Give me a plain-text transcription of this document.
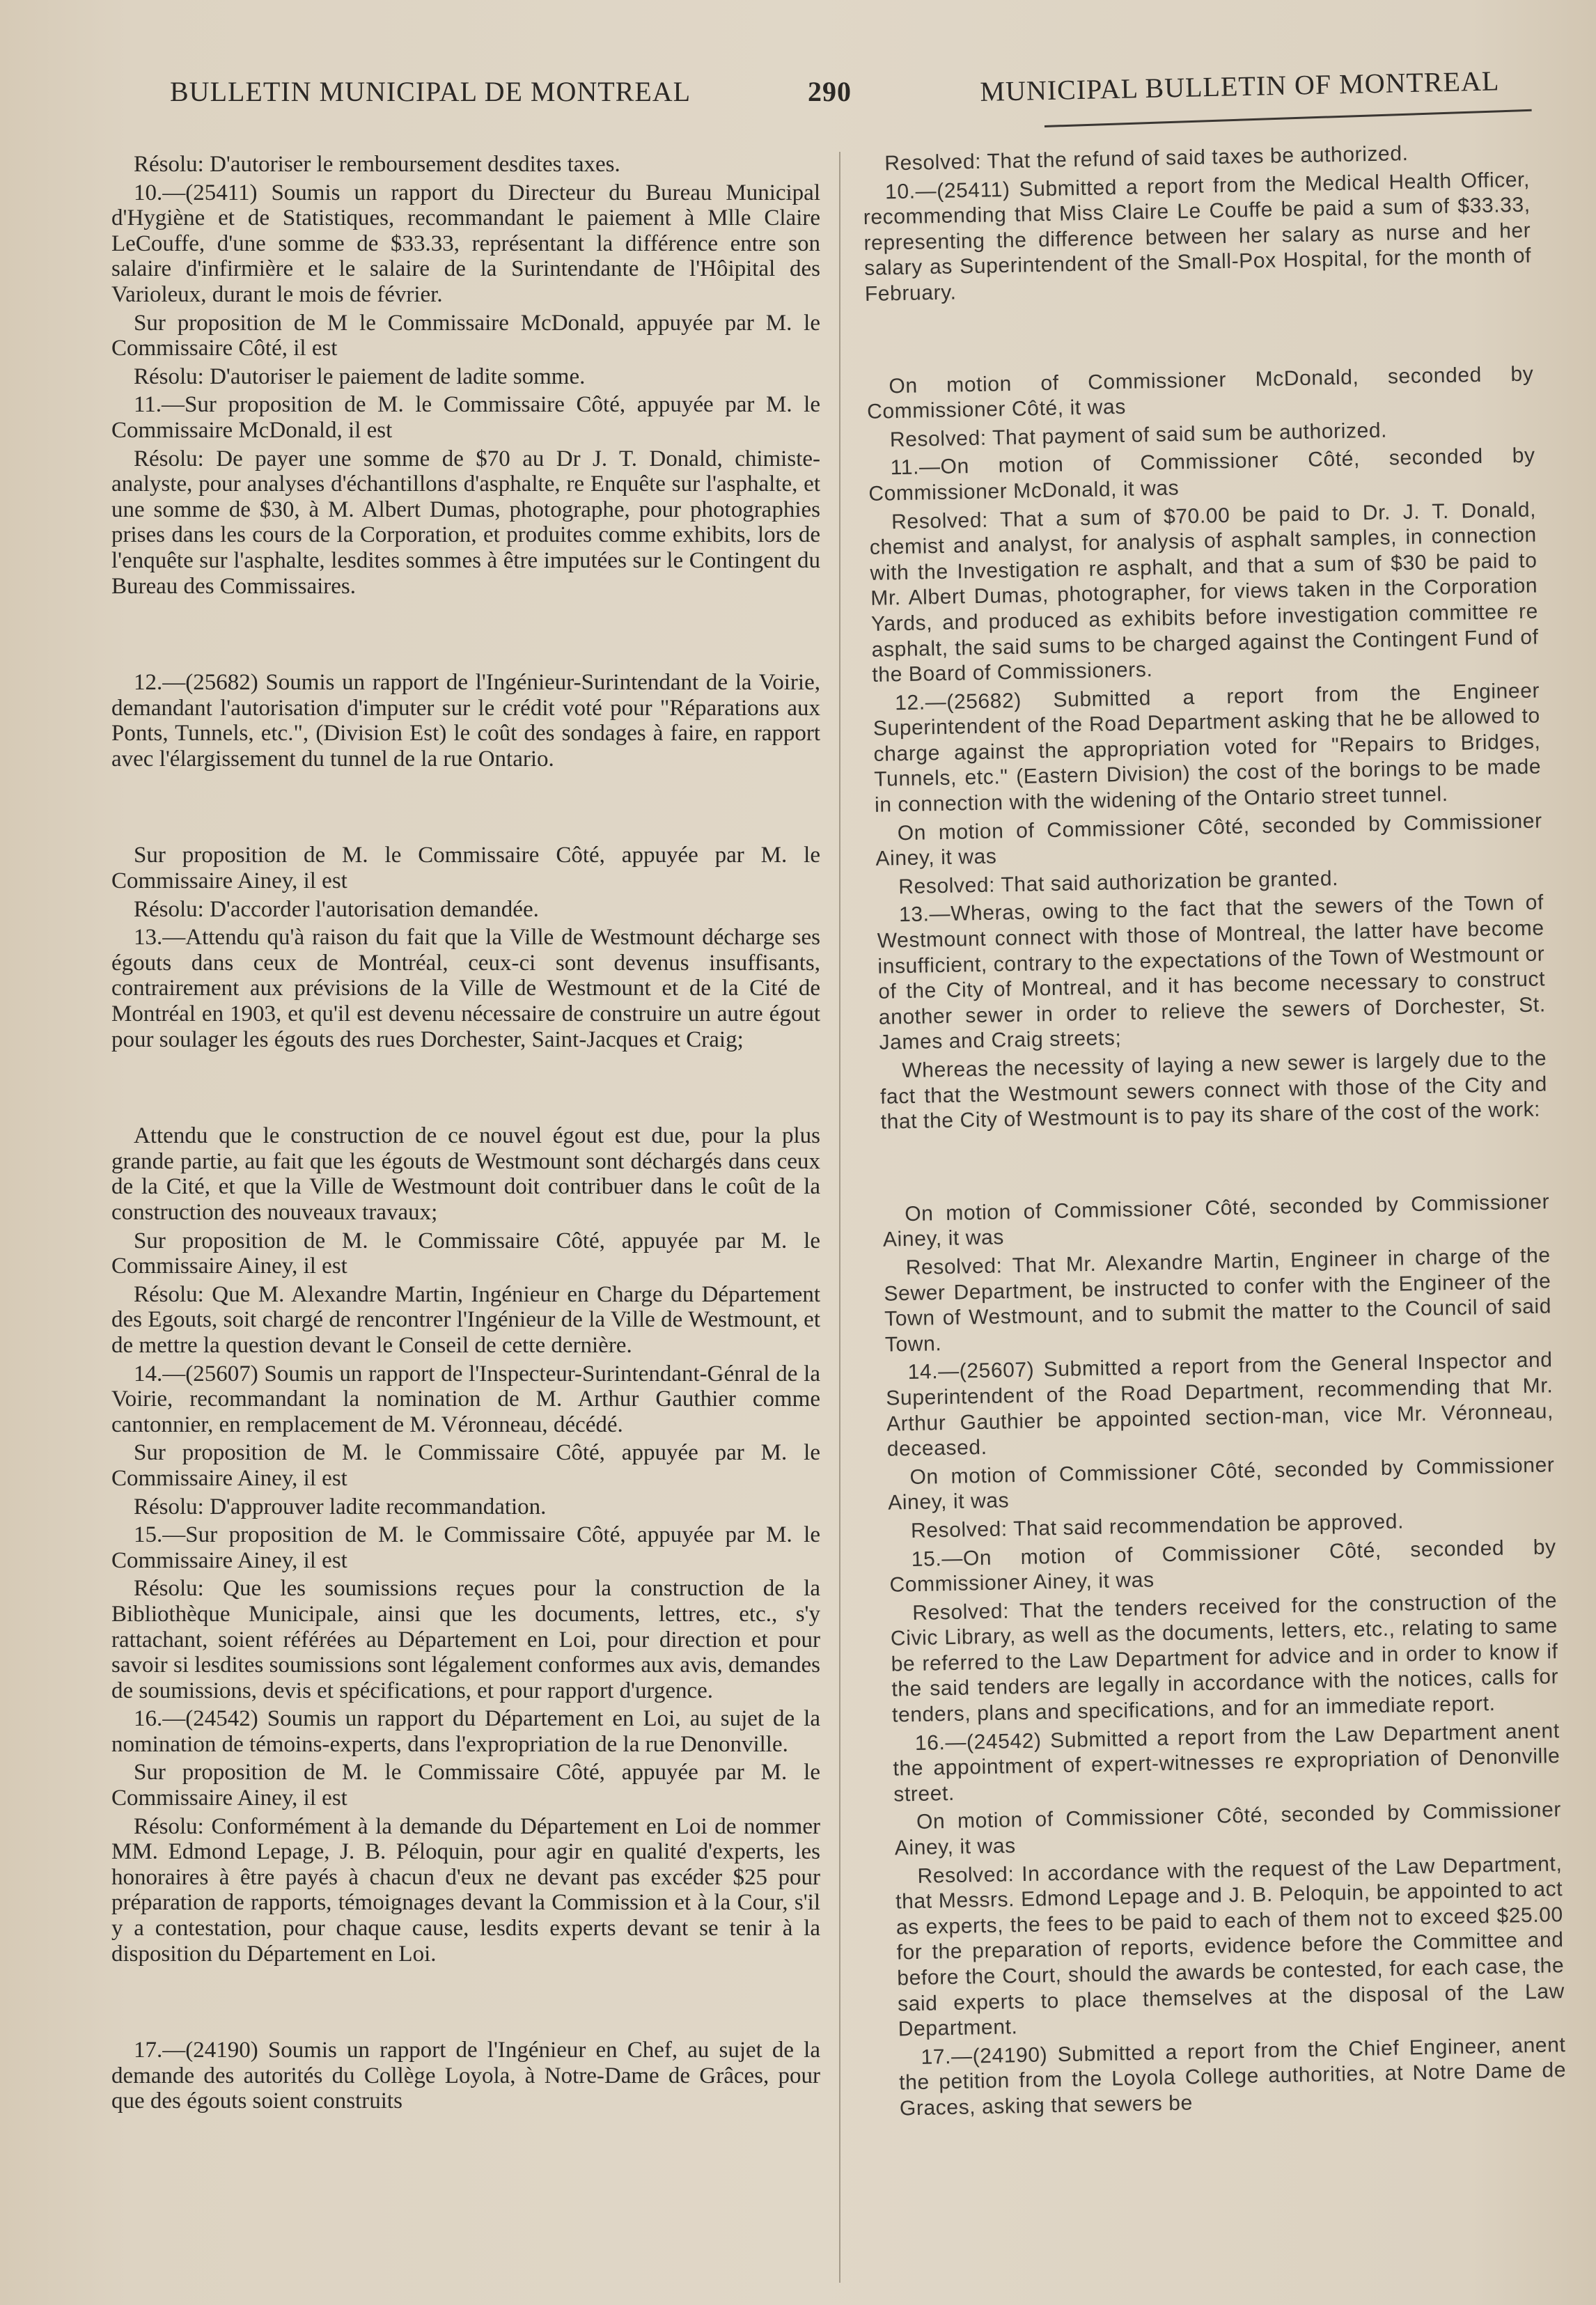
BULLETIN MUNICIPAL DE MONTREAL	290	MUNICIPAL BULLETIN OF MONTREAL

Résolu: D'autoriser le remboursement desdites taxes.

10.—(25411) Soumis un rapport du Directeur du Bureau Municipal d'Hygiène et de Statistiques, recommandant le paiement à Mlle Claire LeCouffe, d'une somme de $33.33, représentant la différence entre son salaire d'infirmière et le salaire de la Surintendante de l'Hôipital des Varioleux, durant le mois de février.

Sur proposition de M le Commissaire McDonald, appuyée par M. le Commissaire Côté, il est

Résolu: D'autoriser le paiement de ladite somme.

11.—Sur proposition de M. le Commissaire Côté, appuyée par M. le Commissaire McDonald, il est

Résolu: De payer une somme de $70 au Dr J. T. Donald, chimiste-analyste, pour analyses d'échantillons d'asphalte, re Enquête sur l'asphalte, et une somme de $30, à M. Albert Dumas, photographe, pour photographies prises dans les cours de la Corporation, et produites comme exhibits, lors de l'enquête sur l'asphalte, lesdites sommes à être imputées sur le Contingent du Bureau des Commissaires.

12.—(25682) Soumis un rapport de l'Ingénieur-Surintendant de la Voirie, demandant l'autorisation d'imputer sur le crédit voté pour "Réparations aux Ponts, Tunnels, etc.", (Division Est) le coût des sondages à faire, en rapport avec l'élargissement du tunnel de la rue Ontario.

Sur proposition de M. le Commissaire Côté, appuyée par M. le Commissaire Ainey, il est

Résolu: D'accorder l'autorisation demandée.

13.—Attendu qu'à raison du fait que la Ville de Westmount décharge ses égouts dans ceux de Montréal, ceux-ci sont devenus insuffisants, contrairement aux prévisions de la Ville de Westmount et de la Cité de Montréal en 1903, et qu'il est devenu nécessaire de construire un autre égout pour soulager les égouts des rues Dorchester, Saint-Jacques et Craig;

Attendu que le construction de ce nouvel égout est due, pour la plus grande partie, au fait que les égouts de Westmount sont déchargés dans ceux de la Cité, et que la Ville de Westmount doit contribuer dans le coût de la construction des nouveaux travaux;

Sur proposition de M. le Commissaire Côté, appuyée par M. le Commissaire Ainey, il est

Résolu: Que M. Alexandre Martin, Ingénieur en Charge du Département des Egouts, soit chargé de rencontrer l'Ingénieur de la Ville de Westmount, et de mettre la question devant le Conseil de cette dernière.

14.—(25607) Soumis un rapport de l'Inspecteur-Surintendant-Génral de la Voirie, recommandant la nomination de M. Arthur Gauthier comme cantonnier, en remplacement de M. Véronneau, décédé.

Sur proposition de M. le Commissaire Côté, appuyée par M. le Commissaire Ainey, il est

Résolu: D'approuver ladite recommandation.

15.—Sur proposition de M. le Commissaire Côté, appuyée par M. le Commissaire Ainey, il est

Résolu: Que les soumissions reçues pour la construction de la Bibliothèque Municipale, ainsi que les documents, lettres, etc., s'y rattachant, soient référées au Département en Loi, pour direction et pour savoir si lesdites soumissions sont légalement conformes aux avis, demandes de soumissions, devis et spécifications, et pour rapport d'urgence.

16.—(24542) Soumis un rapport du Département en Loi, au sujet de la nomination de témoins-experts, dans l'expropriation de la rue Denonville.

Sur proposition de M. le Commissaire Côté, appuyée par M. le Commissaire Ainey, il est

Résolu: Conformément à la demande du Département en Loi de nommer MM. Edmond Lepage, J. B. Péloquin, pour agir en qualité d'experts, les honoraires à être payés à chacun d'eux ne devant pas excéder $25 pour préparation de rapports, témoignages devant la Commission et à la Cour, s'il y a contestation, pour chaque cause, lesdits experts devant se tenir à la disposition du Département en Loi.

17.—(24190) Soumis un rapport de l'Ingénieur en Chef, au sujet de la demande des autorités du Collège Loyola, à Notre-Dame de Grâces, pour que des égouts soient construits

Resolved: That the refund of said taxes be authorized.

10.—(25411) Submitted a report from the Medical Health Officer, recommending that Miss Claire Le Couffe be paid a sum of $33.33, representing the difference between her salary as nurse and her salary as Superintendent of the Small-Pox Hospital, for the month of February.

On motion of Commissioner McDonald, seconded by Commissioner Côté, it was

Resolved: That payment of said sum be authorized.

11.—On motion of Commissioner Côté, seconded by Commissioner McDonald, it was

Resolved: That a sum of $70.00 be paid to Dr. J. T. Donald, chemist and analyst, for analysis of asphalt samples, in connection with the Investigation re asphalt, and that a sum of $30 be paid to Mr. Albert Dumas, photographer, for views taken in the Corporation Yards, and produced as exhibits before investigation committee re asphalt, the said sums to be charged against the Contingent Fund of the Board of Commissioners.

12.—(25682) Submitted a report from the Engineer Superintendent of the Road Department asking that he be allowed to charge against the appropriation voted for "Repairs to Bridges, Tunnels, etc." (Eastern Division) the cost of the borings to be made in connection with the widening of the Ontario street tunnel.

On motion of Commissioner Côté, seconded by Commissioner Ainey, it was

Resolved: That said authorization be granted.

13.—Wheras, owing to the fact that the sewers of the Town of Westmount connect with those of Montreal, the latter have become insufficient, contrary to the expectations of the Town of Westmount or of the City of Montreal, and it has become necessary to construct another sewer in order to relieve the sewers of Dorchester, St. James and Craig streets;

Whereas the necessity of laying a new sewer is largely due to the fact that the Westmount sewers connect with those of the City and that the City of Westmount is to pay its share of the cost of the work:

On motion of Commissioner Côté, seconded by Commissioner Ainey, it was

Resolved: That Mr. Alexandre Martin, Engineer in charge of the Sewer Department, be instructed to confer with the Engineer of the Town of Westmount, and to submit the matter to the Council of said Town.

14.—(25607) Submitted a report from the General Inspector and Superintendent of the Road Department, recommending that Mr. Arthur Gauthier be appointed section-man, vice Mr. Véronneau, deceased.

On motion of Commissioner Côté, seconded by Commissioner Ainey, it was

Resolved: That said recommendation be approved.

15.—On motion of Commissioner Côté, seconded by Commissioner Ainey, it was

Resolved: That the tenders received for the construction of the Civic Library, as well as the documents, letters, etc., relating to same be referred to the Law Department for advice and in order to know if the said tenders are legally in accordance with the notices, calls for tenders, plans and specifications, and for an immediate report.

16.—(24542) Submitted a report from the Law Department anent the appointment of expert-witnesses re expropriation of Denonville street.

On motion of Commissioner Côté, seconded by Commissioner Ainey, it was

Resolved: In accordance with the request of the Law Department, that Messrs. Edmond Lepage and J. B. Peloquin, be appointed to act as experts, the fees to be paid to each of them not to exceed $25.00 for the preparation of reports, evidence before the Committee and before the Court, should the awards be contested, for each case, the said experts to place themselves at the disposal of the Law Department.

17.—(24190) Submitted a report from the Chief Engineer, anent the petition from the Loyola College authorities, at Notre Dame de Graces, asking that sewers be
